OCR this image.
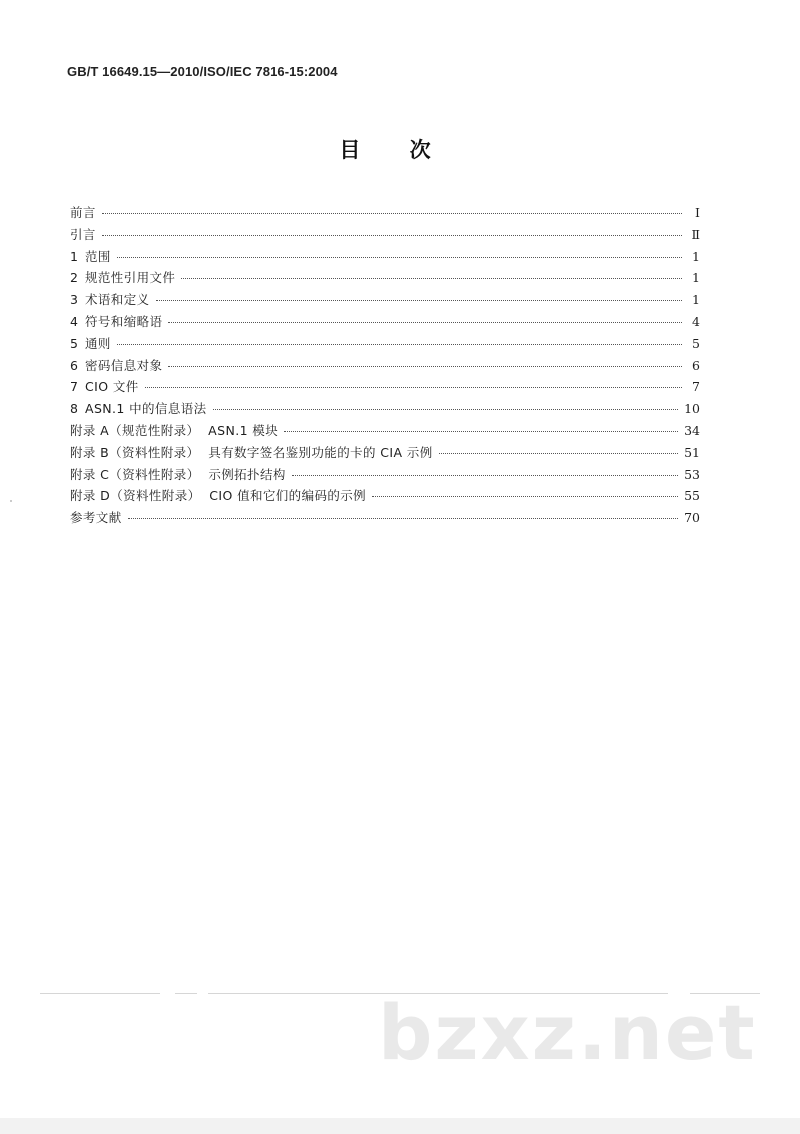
GB/T 16649.15—2010/ISO/IEC 7816-15:2004
目 次
前言	Ⅰ
引言	Ⅱ
1 范围	1
2 规范性引用文件	1
3 术语和定义	1
4 符号和缩略语	4
5 通则	5
6 密码信息对象	6
7 CIO 文件	7
8 ASN.1 中的信息语法	10
附录 A（规范性附录）  ASN.1 模块	34
附录 B（资料性附录）  具有数字签名鉴别功能的卡的 CIA 示例	51
附录 C（资料性附录）  示例拓扑结构	53
附录 D（资料性附录）  CIO 值和它们的编码的示例	55
参考文献	70
bzxz.net
